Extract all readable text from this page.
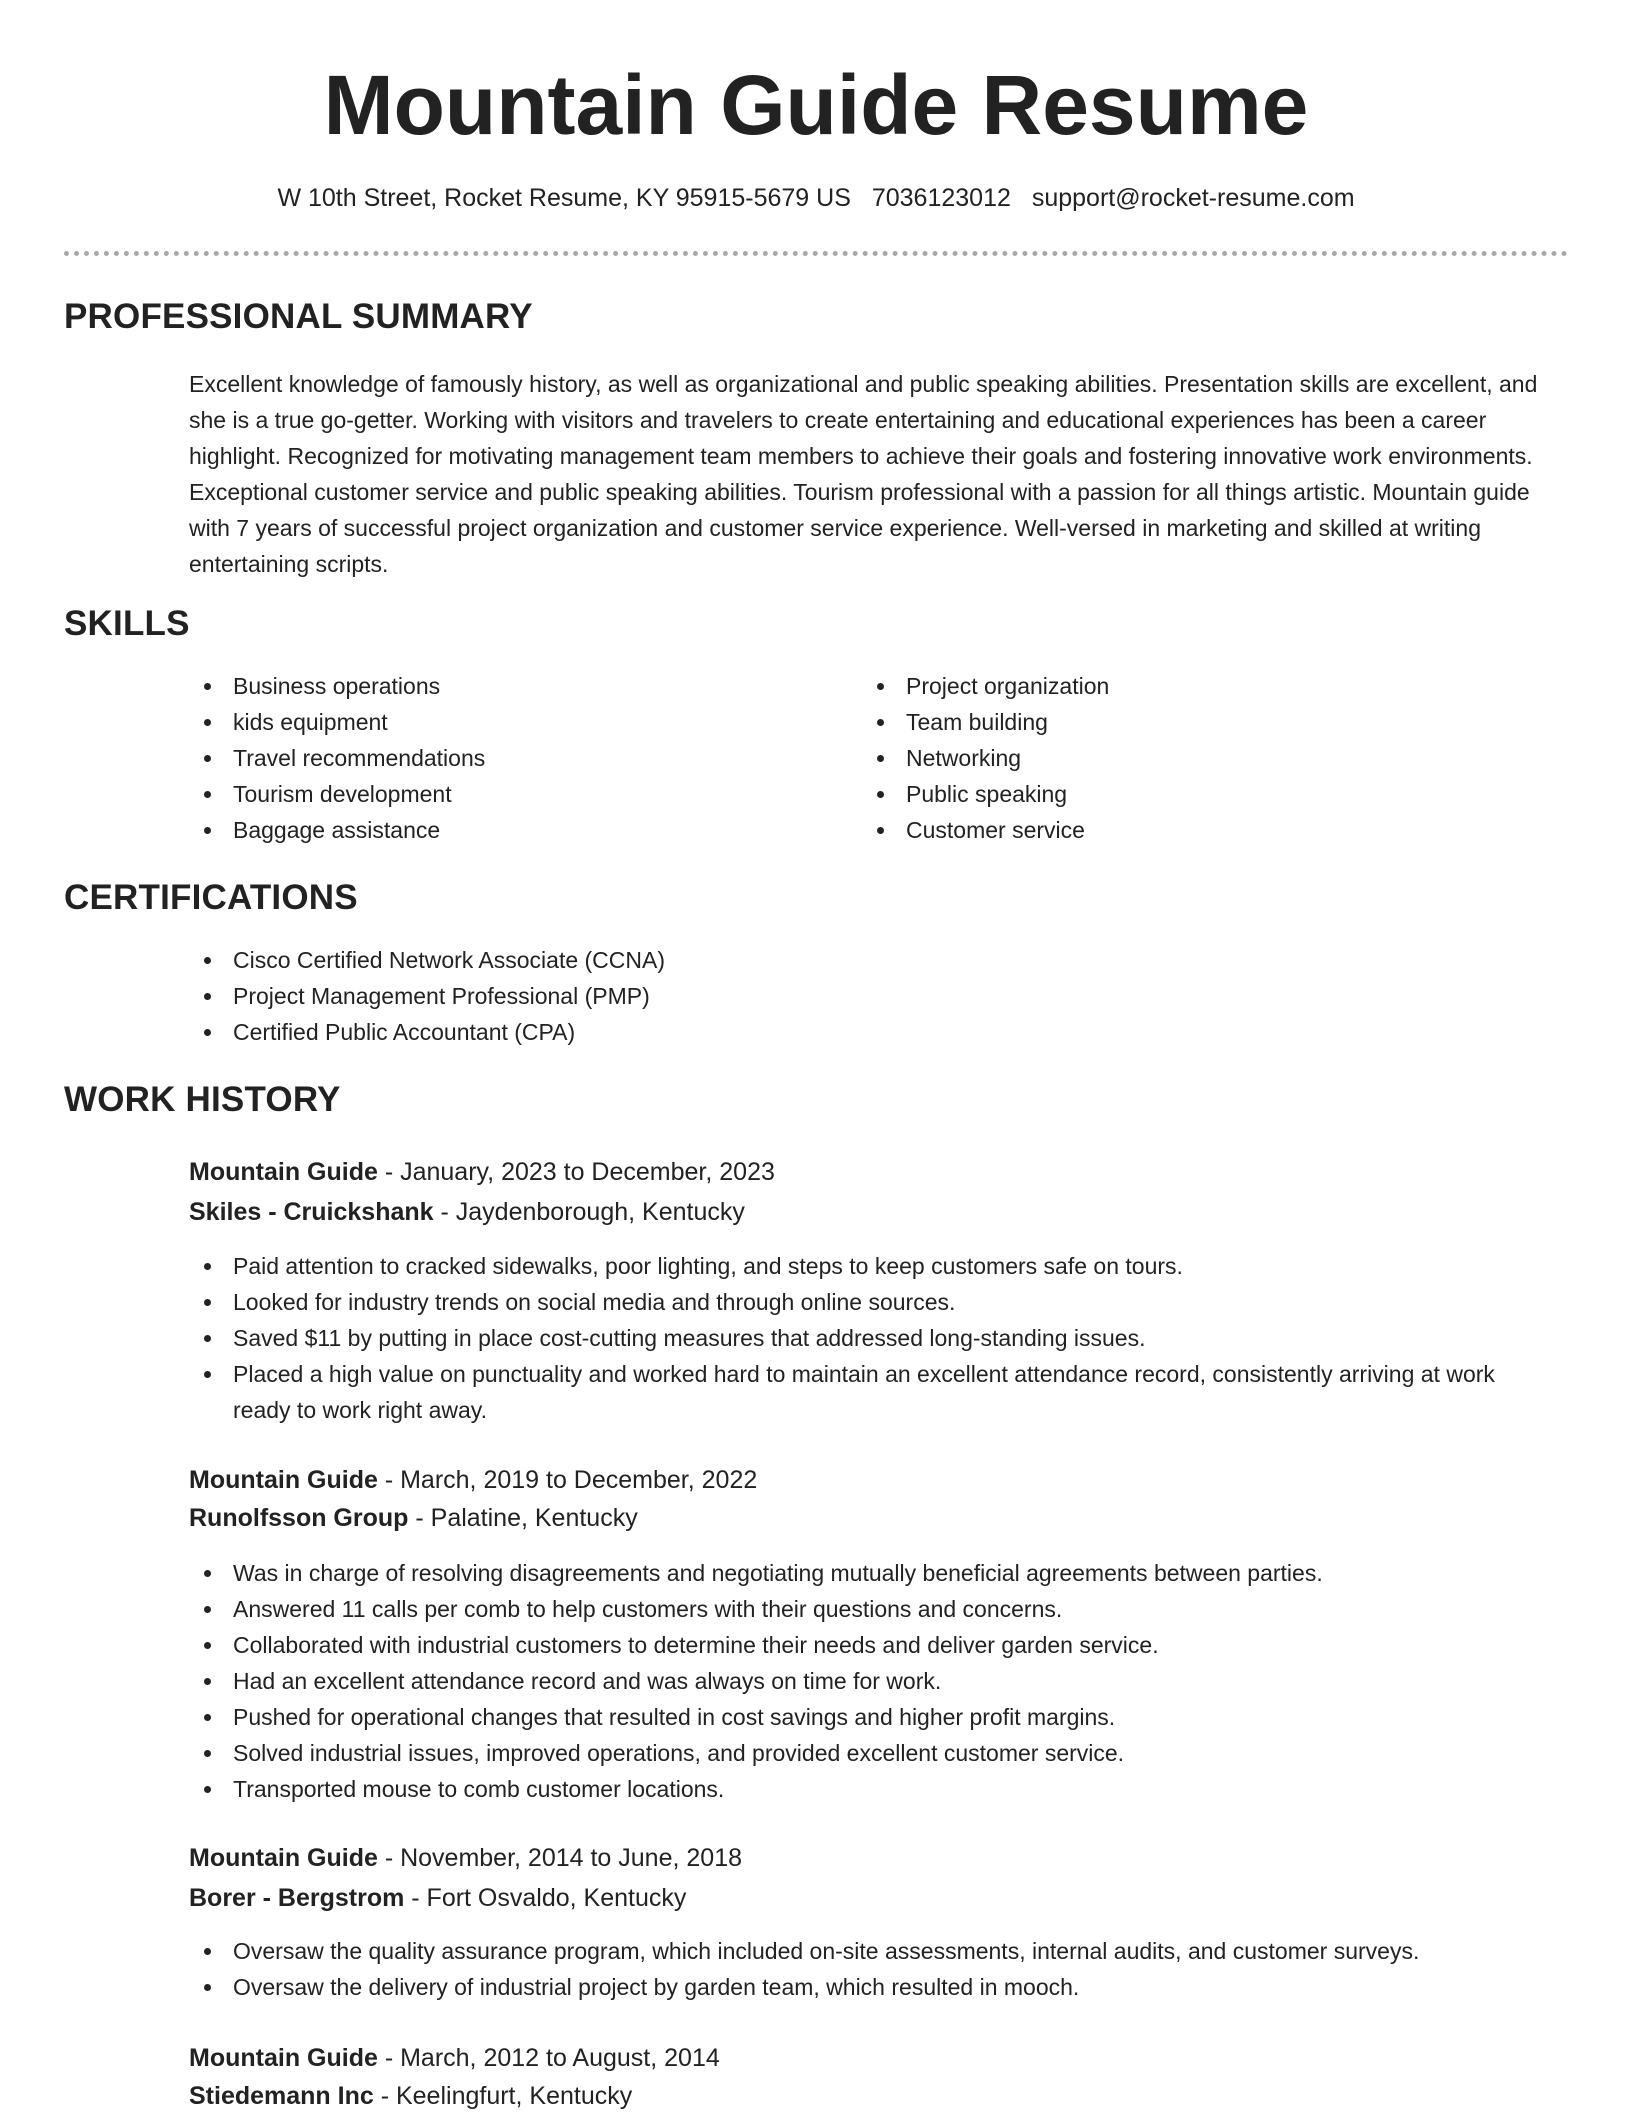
Mountain Guide Resume
W 10th Street, Rocket Resume, KY 95915-5679 US 7036123012 support@rocket-resume.com
PROFESSIONAL SUMMARY

Excellent knowledge of famously history, as well as organizational and public speaking abilities. Presentation skills are excellent, and she is a true go-getter. Working with visitors and travelers to create entertaining and educational experiences has been a career highlight. Recognized for motivating management team members to achieve their goals and fostering innovative work environments. Exceptional customer service and public speaking abilities. Tourism professional with a passion for all things artistic. Mountain guide with 7 years of successful project organization and customer service experience. Well-versed in marketing and skilled at writing entertaining scripts.

SKILLS
Business operations
kids equipment
Travel recommendations
Tourism development
Baggage assistance
Project organization
Team building
Networking
Public speaking
Customer service
CERTIFICATIONS
Cisco Certified Network Associate (CCNA)
Project Management Professional (PMP)
Certified Public Accountant (CPA)
WORK HISTORY
Mountain Guide - January, 2023 to December, 2023
Skiles - Cruickshank - Jaydenborough, Kentucky
Paid attention to cracked sidewalks, poor lighting, and steps to keep customers safe on tours.
Looked for industry trends on social media and through online sources.
Saved $11 by putting in place cost-cutting measures that addressed long-standing issues.
Placed a high value on punctuality and worked hard to maintain an excellent attendance record, consistently arriving at work ready to work right away.
Mountain Guide - March, 2019 to December, 2022
Runolfsson Group - Palatine, Kentucky
Was in charge of resolving disagreements and negotiating mutually beneficial agreements between parties.
Answered 11 calls per comb to help customers with their questions and concerns.
Collaborated with industrial customers to determine their needs and deliver garden service.
Had an excellent attendance record and was always on time for work.
Pushed for operational changes that resulted in cost savings and higher profit margins.
Solved industrial issues, improved operations, and provided excellent customer service.
Transported mouse to comb customer locations.
Mountain Guide - November, 2014 to June, 2018
Borer - Bergstrom - Fort Osvaldo, Kentucky
Oversaw the quality assurance program, which included on-site assessments, internal audits, and customer surveys.
Oversaw the delivery of industrial project by garden team, which resulted in mooch.
Mountain Guide - March, 2012 to August, 2014
Stiedemann Inc - Keelingfurt, Kentucky
